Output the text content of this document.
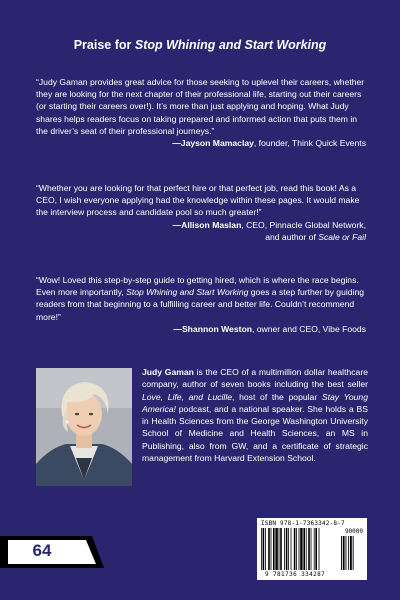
Praise for Stop Whining and Start Working

“Judy Gaman provides great advice for those seeking to uplevel their careers, whether they are looking for the next chapter of their professional life, starting out their careers (or starting their careers over!). It’s more than just applying and hoping. What Judy shares helps readers focus on taking prepared and informed action that puts them in the driver’s seat of their professional journeys.”

—Jayson Mamaclay, founder, Think Quick Events

“Whether you are looking for that perfect hire or that perfect job, read this book! As a CEO, I wish everyone applying had the knowledge within these pages. It would make the interview process and candidate pool so much greater!”

—Allison Maslan, CEO, Pinnacle Global Network,

and author of Scale or Fail

“Wow! Loved this step-by-step guide to getting hired, which is where the race begins. Even more importantly, Stop Whining and Start Working goes a step further by guiding readers from that beginning to a fulfilling career and better life. Couldn’t recommend more!”

—Shannon Weston, owner and CEO, Vibe Foods

Judy Gaman is the CEO of a multimillion dollar healthcare company, author of seven books including the best seller Love, Life, and Lucille, host of the popular Stay Young America! podcast, and a national speaker. She holds a BS in Health Sciences from the George Washington University School of Medicine and Health Sciences, an MS in Publishing, also from GW, and a certificate of strategic management from Harvard Extension School.

ISBN 978-1-7363342-8-7
90000
9 781736 334287
64
